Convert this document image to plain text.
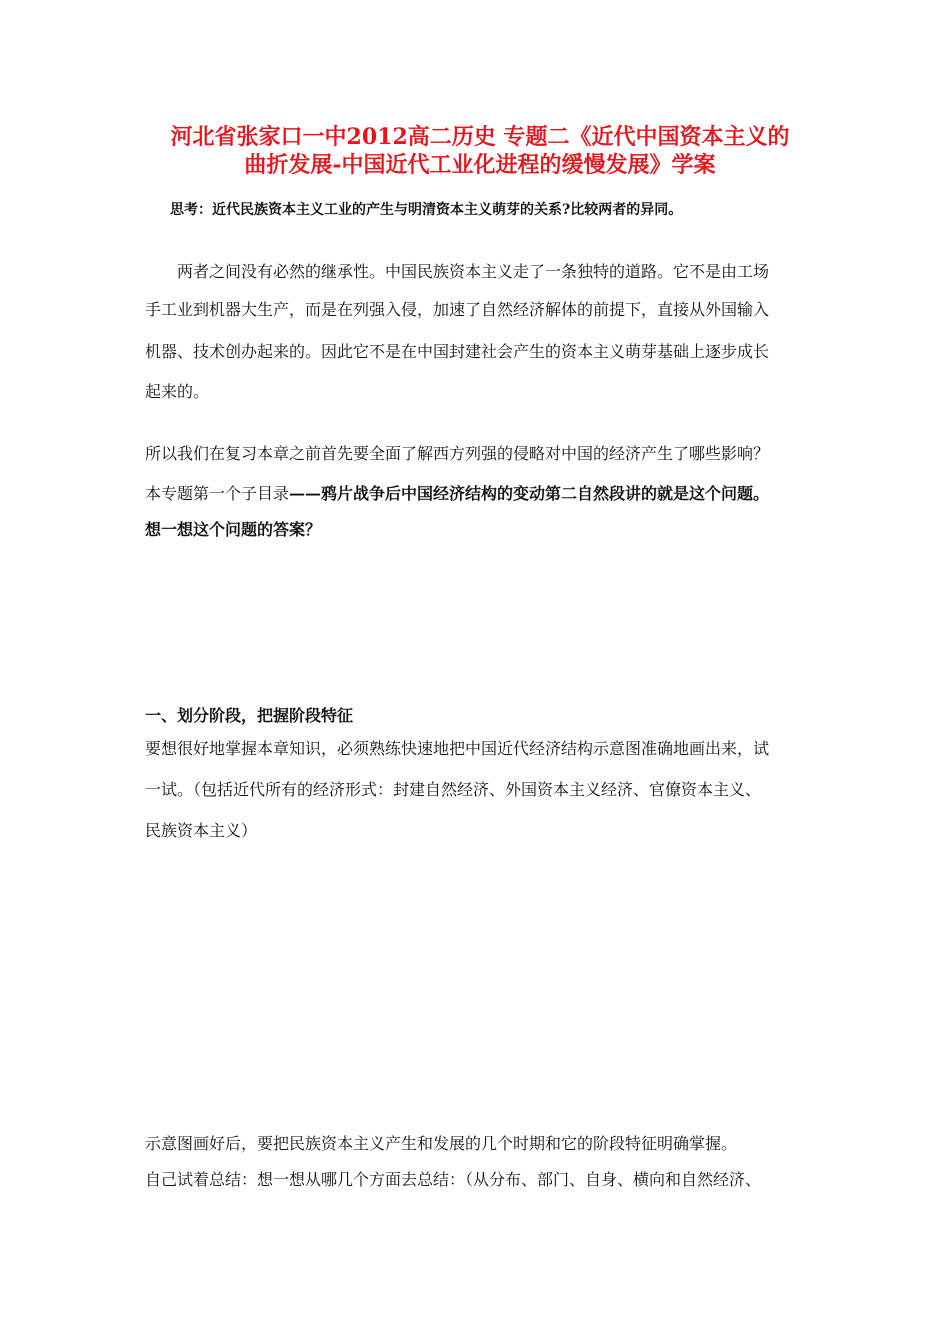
河北省张家口一中2012高二历史 专题二《近代中国资本主义的
曲折发展-中国近代工业化进程的缓慢发展》学案
思考：近代民族资本主义工业的产生与明清资本主义萌芽的关系?比较两者的异同。
两者之间没有必然的继承性。中国民族资本主义走了一条独特的道路。它不是由工场
手工业到机器大生产，而是在列强入侵，加速了自然经济解体的前提下，直接从外国输入
机器、技术创办起来的。因此它不是在中国封建社会产生的资本主义萌芽基础上逐步成长
起来的。
所以我们在复习本章之前首先要全面了解西方列强的侵略对中国的经济产生了哪些影响？
本专题第一个子目录——鸦片战争后中国经济结构的变动第二自然段讲的就是这个问题。
想一想这个问题的答案？
一、划分阶段，把握阶段特征
要想很好地掌握本章知识，必须熟练快速地把中国近代经济结构示意图准确地画出来，试
一试。（包括近代所有的经济形式：封建自然经济、外国资本主义经济、官僚资本主义、
民族资本主义）
示意图画好后，要把民族资本主义产生和发展的几个时期和它的阶段特征明确掌握。
自己试着总结：想一想从哪几个方面去总结：（从分布、部门、自身、横向和自然经济、
